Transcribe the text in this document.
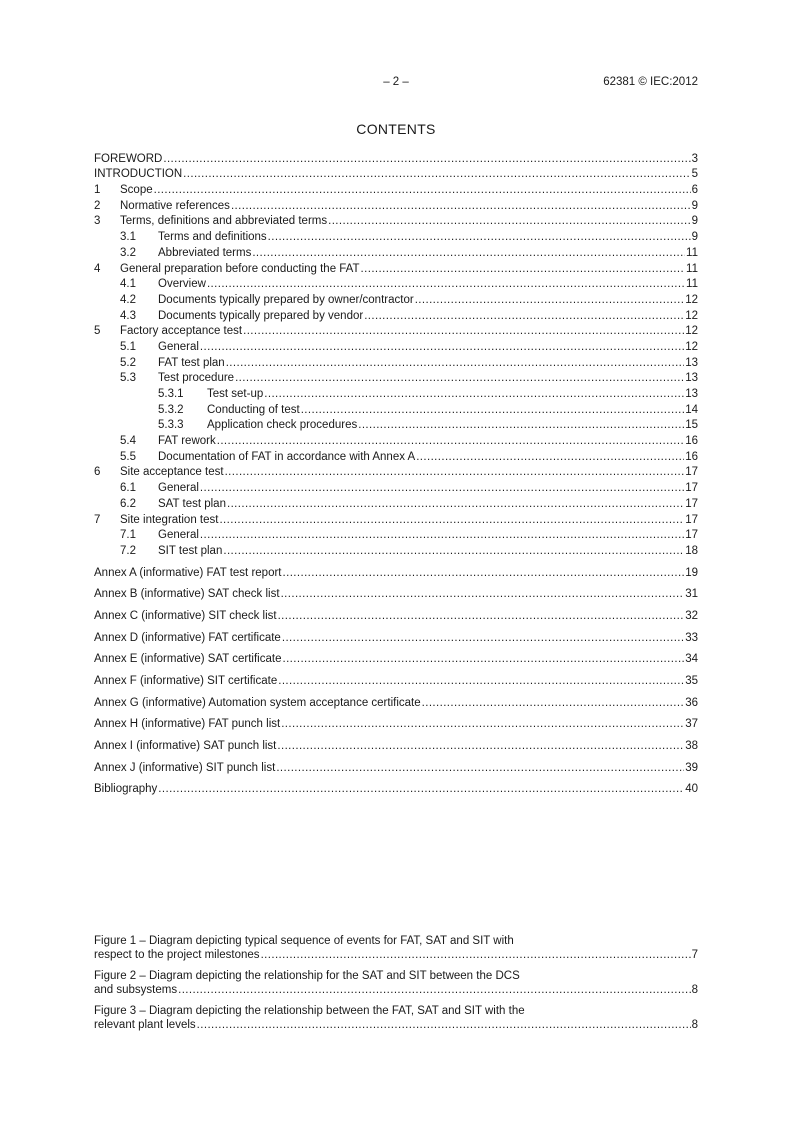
– 2 –	62381 © IEC:2012
CONTENTS
FOREWORD .....	3
INTRODUCTION .....	5
1	Scope .....	6
2	Normative references .....	9
3	Terms, definitions and abbreviated terms .....	9
3.1	Terms and definitions .....	9
3.2	Abbreviated terms .....	11
4	General preparation before conducting the FAT .....	11
4.1	Overview .....	11
4.2	Documents typically prepared by owner/contractor .....	12
4.3	Documents typically prepared by vendor .....	12
5	Factory acceptance test .....	12
5.1	General .....	12
5.2	FAT test plan .....	13
5.3	Test procedure .....	13
5.3.1	Test set-up .....	13
5.3.2	Conducting of test .....	14
5.3.3	Application check procedures .....	15
5.4	FAT rework .....	16
5.5	Documentation of FAT in accordance with Annex A .....	16
6	Site acceptance test .....	17
6.1	General .....	17
6.2	SAT test plan .....	17
7	Site integration test .....	17
7.1	General .....	17
7.2	SIT test plan .....	18
Annex A (informative) FAT test report .....	19
Annex B (informative) SAT check list .....	31
Annex C (informative) SIT check list .....	32
Annex D (informative) FAT certificate .....	33
Annex E (informative) SAT certificate .....	34
Annex F (informative) SIT certificate .....	35
Annex G (informative) Automation system acceptance certificate .....	36
Annex H (informative) FAT punch list .....	37
Annex I (informative) SAT punch list .....	38
Annex J (informative) SIT punch list .....	39
Bibliography .....	40
Figure 1 – Diagram depicting typical sequence of events for FAT, SAT and SIT with
respect to the project milestones .....	7
Figure 2 – Diagram depicting the relationship for the SAT and SIT between the DCS
and subsystems .....	8
Figure 3 – Diagram depicting the relationship between the FAT, SAT and SIT with the
relevant plant levels .....	8
